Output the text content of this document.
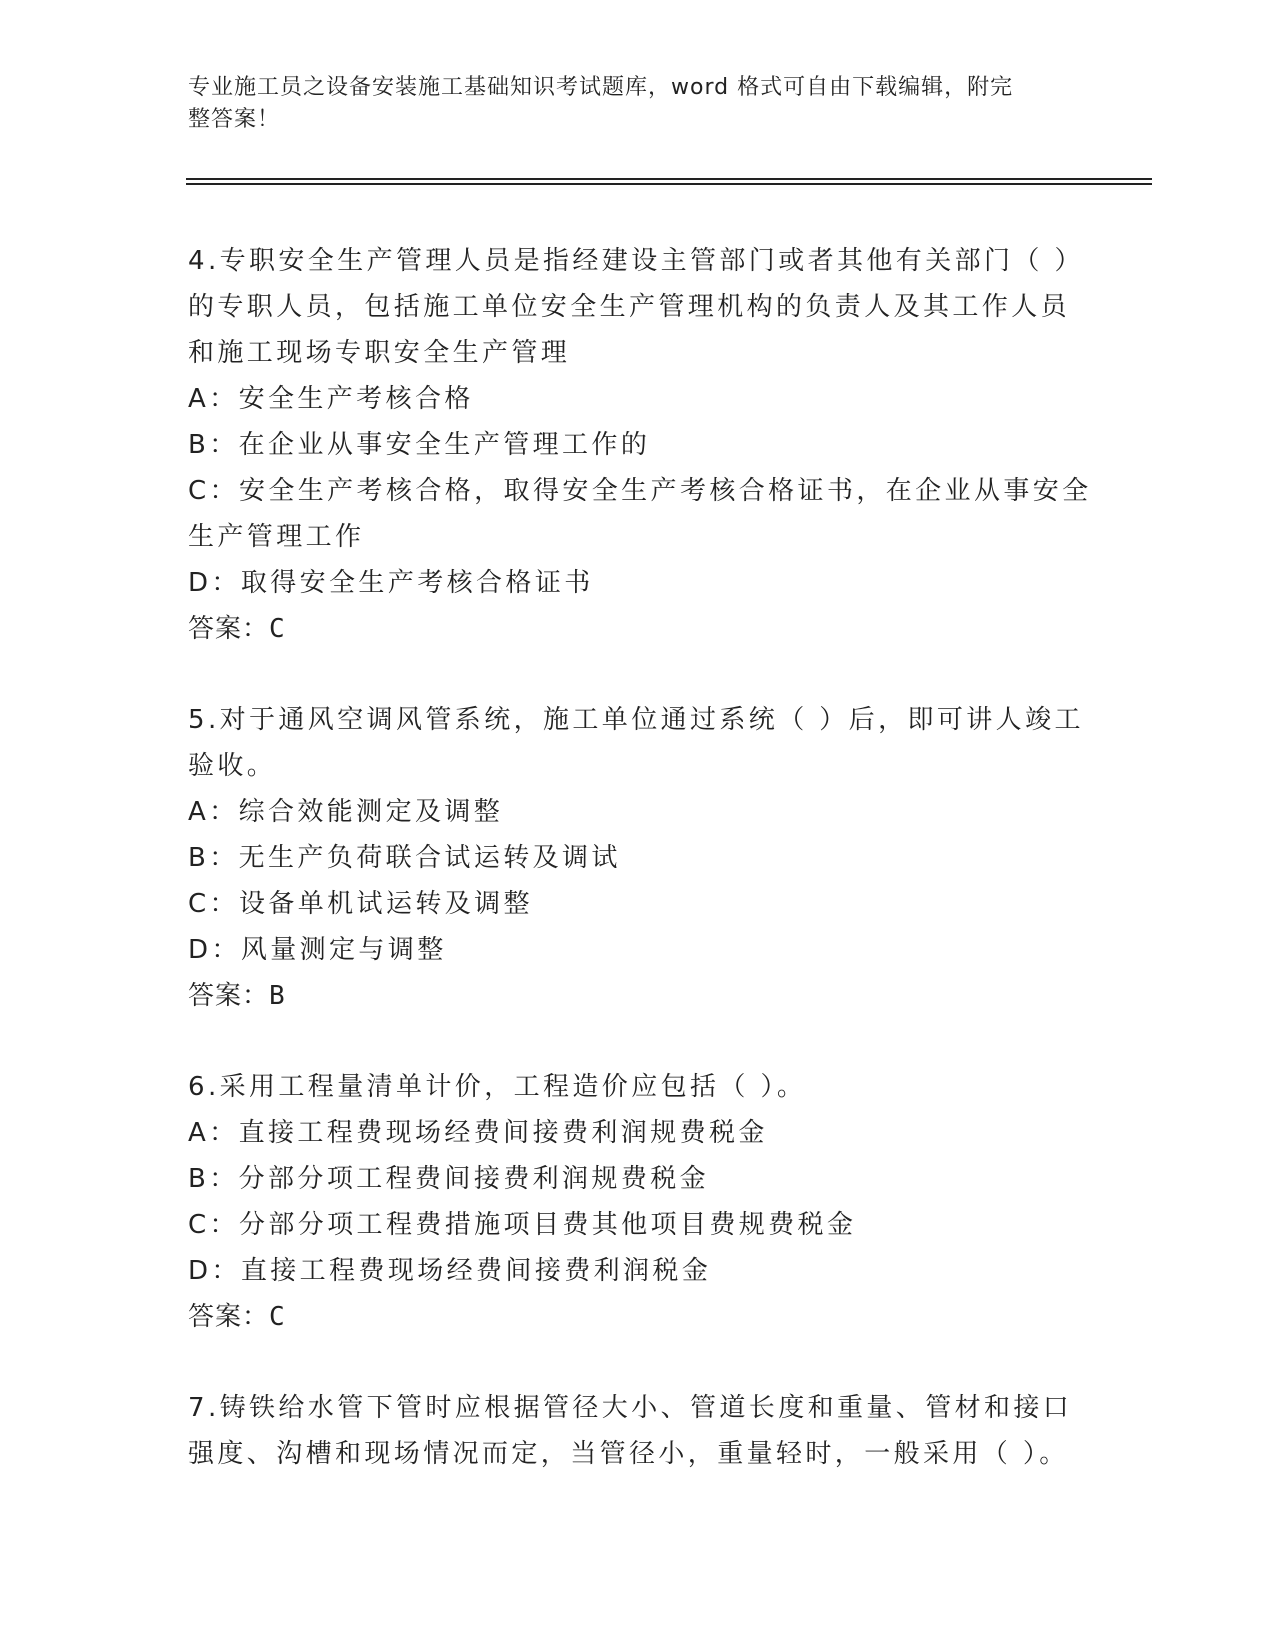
专业施工员之设备安装施工基础知识考试题库，word 格式可自由下载编辑，附完
整答案！

4.专职安全生产管理人员是指经建设主管部门或者其他有关部门（ ）

的专职人员，包括施工单位安全生产管理机构的负责人及其工作人员

和施工现场专职安全生产管理

A：安全生产考核合格

B：在企业从事安全生产管理工作的

C：安全生产考核合格，取得安全生产考核合格证书，在企业从事安全

生产管理工作

D：取得安全生产考核合格证书

答案：C

5.对于通风空调风管系统，施工单位通过系统（ ）后，即可讲人竣工

验收。

A：综合效能测定及调整

B：无生产负荷联合试运转及调试

C：设备单机试运转及调整

D：风量测定与调整

答案：B

6.采用工程量清单计价，工程造价应包括（ ）。

A：直接工程费现场经费间接费利润规费税金

B：分部分项工程费间接费利润规费税金

C：分部分项工程费措施项目费其他项目费规费税金

D：直接工程费现场经费间接费利润税金

答案：C

7.铸铁给水管下管时应根据管径大小、管道长度和重量、管材和接口

强度、沟槽和现场情况而定，当管径小，重量轻时，一般采用（ ）。
